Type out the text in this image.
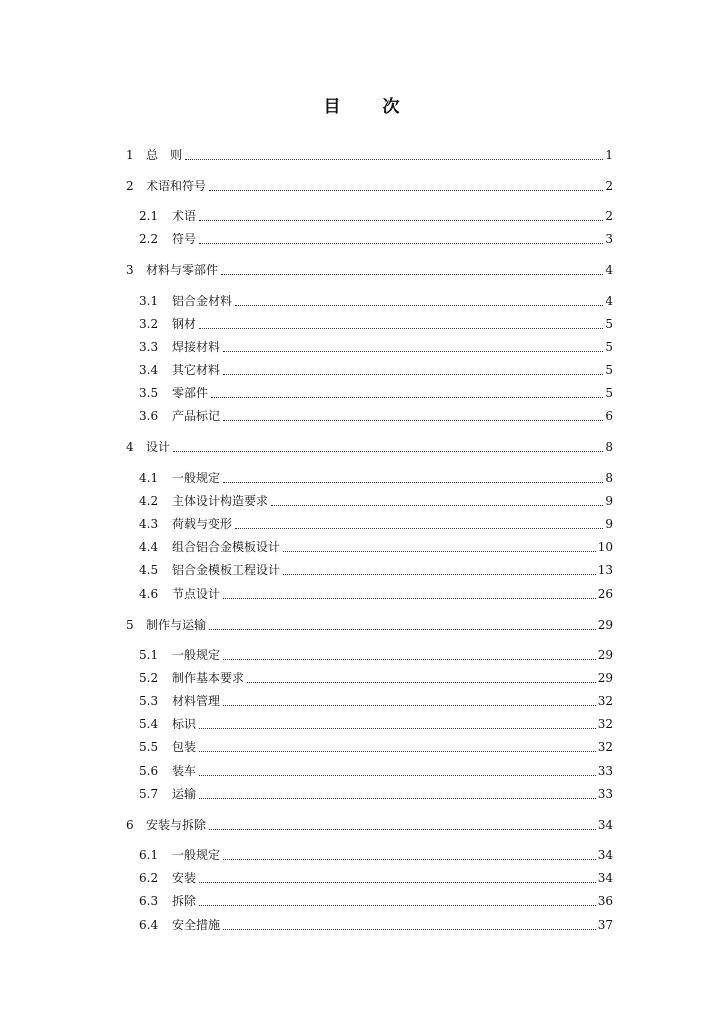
目 次
1	总　则	1
2	术语和符号	2
2.1	术语	2
2.2	符号	3
3	材料与零部件	4
3.1	铝合金材料	4
3.2	钢材	5
3.3	焊接材料	5
3.4	其它材料	5
3.5	零部件	5
3.6	产品标记	6
4	设计	8
4.1	一般规定	8
4.2	主体设计构造要求	9
4.3	荷载与变形	9
4.4	组合铝合金模板设计	10
4.5	铝合金模板工程设计	13
4.6	节点设计	26
5	制作与运输	29
5.1	一般规定	29
5.2	制作基本要求	29
5.3	材料管理	32
5.4	标识	32
5.5	包装	32
5.6	装车	33
5.7	运输	33
6	安装与拆除	34
6.1	一般规定	34
6.2	安装	34
6.3	拆除	36
6.4	安全措施	37
